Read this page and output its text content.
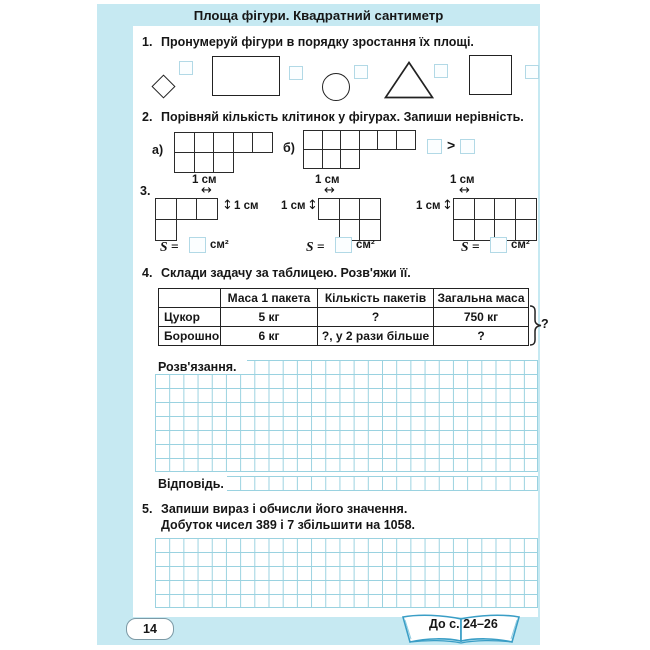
Площа фігури. Квадратний сантиметр
1. Пронумеруй фігури в порядку зростання їх площі.
2. Порівняй кількість клітинок у фігурах. Запиши нерівність.
а)	б)	>
3.
1 см
↔
↕ 1 см
S =	см²
1 см
↔
1 см ↕
S =	см²
1 см
↔
1 см ↕
S =	см²
4. Склади задачу за таблицею. Розв'яжи її.
	Маса 1 пакета	Кількість пакетів	Загальна маса
Цукор	5 кг	?	750 кг
Борошно	6 кг	?, у 2 рази більше	?
?
Розв'язання.
Відповідь.
5. Запиши вираз і обчисли його значення.
Добуток чисел 389 і 7 збільшити на 1058.
14	До с. 24–26
